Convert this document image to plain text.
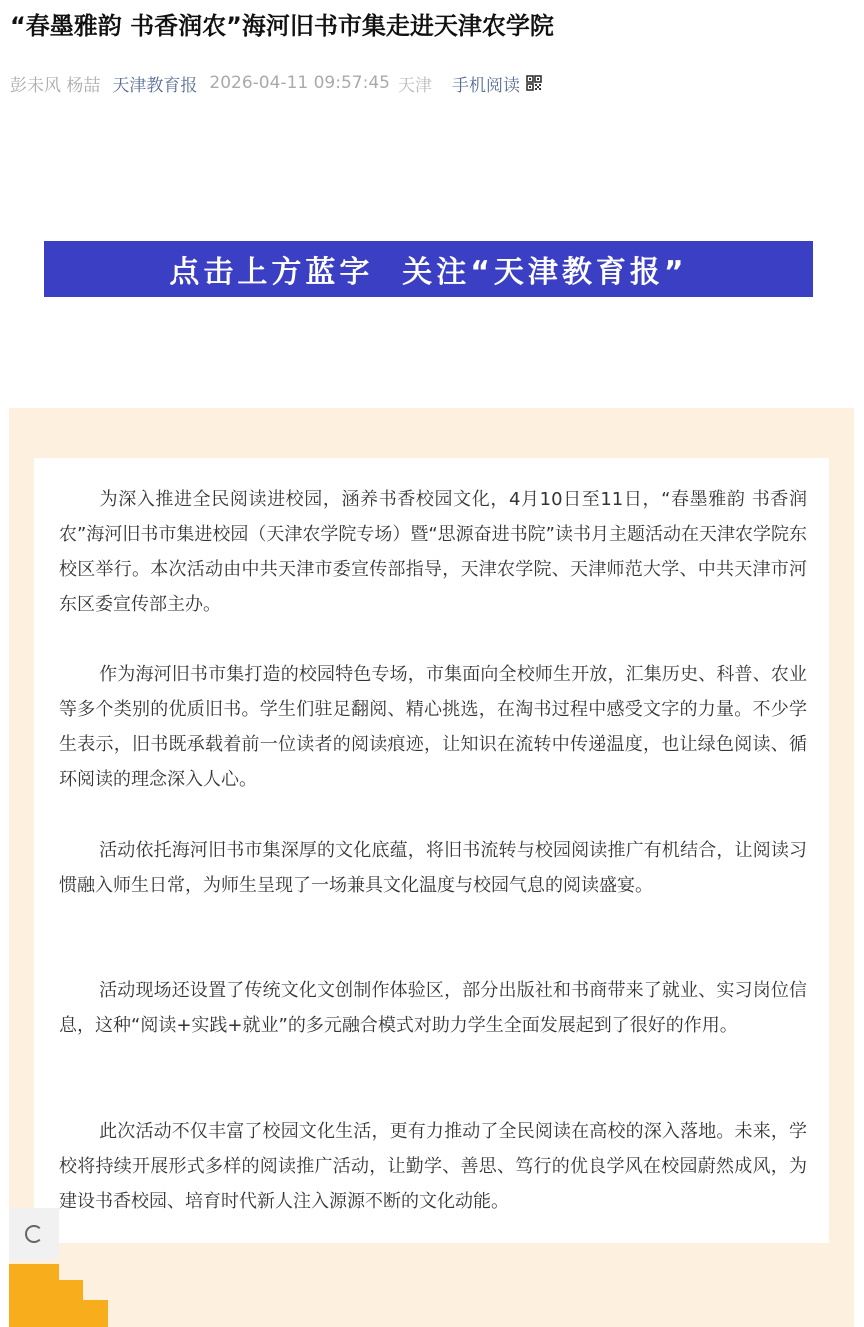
“春墨雅韵 书香润农”海河旧书市集走进天津农学院
彭未风 杨喆 天津教育报 2026-04-11 09:57:45 天津 手机阅读
点击上方蓝字  关注“天津教育报”

为深入推进全民阅读进校园，涵养书香校园文化，4月10日至11日，“春墨雅韵 书香润农”海河旧书市集进校园（天津农学院专场）暨“思源奋进书院”读书月主题活动在天津农学院东校区举行。本次活动由中共天津市委宣传部指导，天津农学院、天津师范大学、中共天津市河东区委宣传部主办。

作为海河旧书市集打造的校园特色专场，市集面向全校师生开放，汇集历史、科普、农业等多个类别的优质旧书。学生们驻足翻阅、精心挑选，在淘书过程中感受文字的力量。不少学生表示，旧书既承载着前一位读者的阅读痕迹，让知识在流转中传递温度，也让绿色阅读、循环阅读的理念深入人心。

活动依托海河旧书市集深厚的文化底蕴，将旧书流转与校园阅读推广有机结合，让阅读习惯融入师生日常，为师生呈现了一场兼具文化温度与校园气息的阅读盛宴。

活动现场还设置了传统文化文创制作体验区，部分出版社和书商带来了就业、实习岗位信息，这种“阅读+实践+就业”的多元融合模式对助力学生全面发展起到了很好的作用。

此次活动不仅丰富了校园文化生活，更有力推动了全民阅读在高校的深入落地。未来，学校将持续开展形式多样的阅读推广活动，让勤学、善思、笃行的优良学风在校园蔚然成风，为建设书香校园、培育时代新人注入源源不断的文化动能。
